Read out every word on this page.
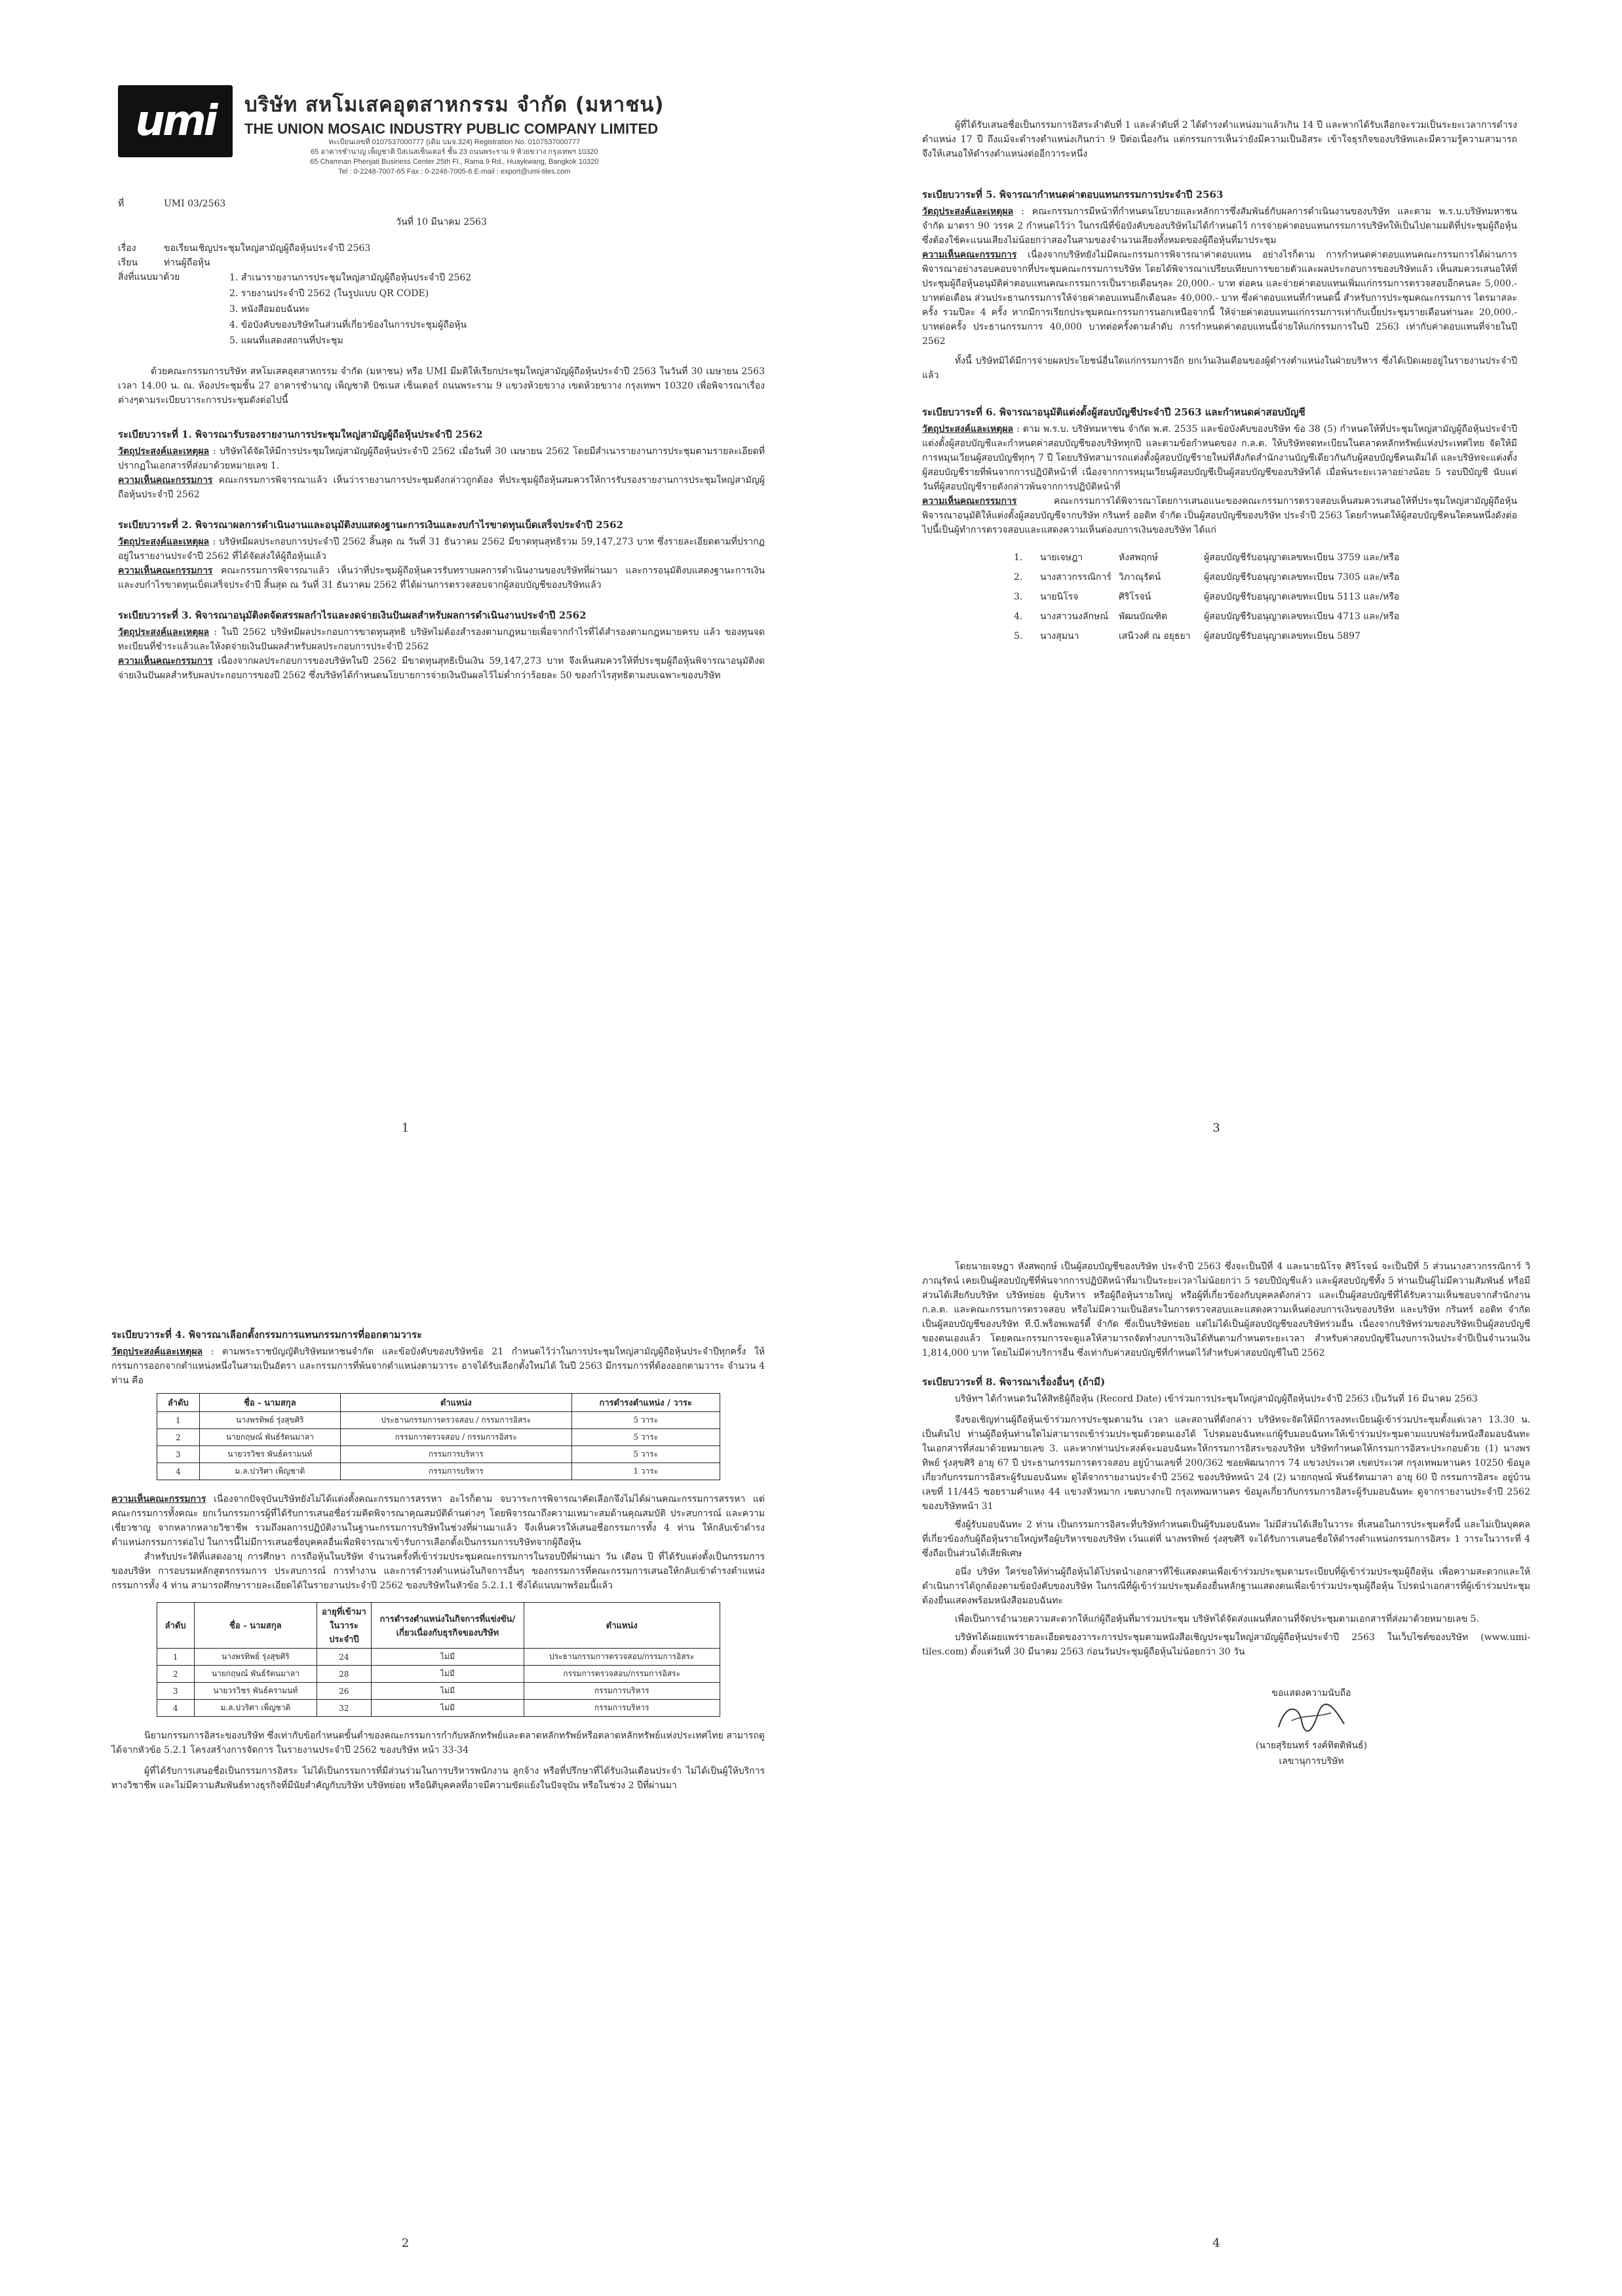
umi	บริษัท สหโมเสคอุตสาหกรรม จำกัด (มหาชน)
THE UNION MOSAIC INDUSTRY PUBLIC COMPANY LIMITED
ทะเบียนเลขที่ 0107537000777 (เดิม บมจ.324) Registration No. 0107537000777
65 อาคารชำนาญ เพ็ญชาติ บิสเนสเซ็นเตอร์ ชั้น 23 ถนนพระราม 9 ห้วยขวาง กรุงเทพฯ 10320
65 Chamnan Phenjati Business Center 25th Fl., Rama 9 Rd., Huaykwang, Bangkok 10320
Tel : 0-2248-7007-65 Fax : 0-2248-7005-6 E-mail : export@umi-tiles.com
ที่	UMI 03/2563
วันที่ 10 มีนาคม 2563
เรื่อง	ขอเรียนเชิญประชุมใหญ่สามัญผู้ถือหุ้นประจำปี 2563
เรียน	ท่านผู้ถือหุ้น
สิ่งที่แนบมาด้วย	1. สำเนารายงานการประชุมใหญ่สามัญผู้ถือหุ้นประจำปี 2562
2. รายงานประจำปี 2562 (ในรูปแบบ QR CODE)
3. หนังสือมอบฉันทะ
4. ข้อบังคับของบริษัทในส่วนที่เกี่ยวข้องในการประชุมผู้ถือหุ้น
5. แผนที่แสดงสถานที่ประชุม

ด้วยคณะกรรมการบริษัท สหโมเสคอุตสาหกรรม จำกัด (มหาชน) หรือ UMI มีมติให้เรียกประชุมใหญ่สามัญผู้ถือหุ้นประจำปี 2563 ในวันที่ 30 เมษายน 2563 เวลา 14.00 น. ณ. ห้องประชุมชั้น 27 อาคารชำนาญ เพ็ญชาติ บิซเนส เซ็นเตอร์ ถนนพระราม 9 แขวงห้วยขวาง เขตห้วยขวาง กรุงเทพฯ 10320 เพื่อพิจารณาเรื่องต่างๆตามระเบียบวาระการประชุมดังต่อไปนี้

ระเบียบวาระที่ 1. พิจารณารับรองรายงานการประชุมใหญ่สามัญผู้ถือหุ้นประจำปี 2562

วัตถุประสงค์และเหตุผล : บริษัทได้จัดให้มีการประชุมใหญ่สามัญผู้ถือหุ้นประจำปี 2562 เมื่อวันที่ 30 เมษายน 2562 โดยมีสำเนารายงานการประชุมตามรายละเอียดที่ปรากฏในเอกสารที่ส่งมาด้วยหมายเลข 1.

ความเห็นคณะกรรมการ คณะกรรมการพิจารณาแล้ว เห็นว่ารายงานการประชุมดังกล่าวถูกต้อง ที่ประชุมผู้ถือหุ้นสมควรให้การรับรองรายงานการประชุมใหญ่สามัญผู้ถือหุ้นประจำปี 2562

ระเบียบวาระที่ 2. พิจารณาผลการดำเนินงานและอนุมัติงบแสดงฐานะการเงินและงบกำไรขาดทุนเบ็ดเสร็จประจำปี 2562

วัตถุประสงค์และเหตุผล : บริษัทมีผลประกอบการประจำปี 2562 สิ้นสุด ณ วันที่ 31 ธันวาคม 2562 มีขาดทุนสุทธิรวม 59,147,273 บาท ซึ่งรายละเอียดตามที่ปรากฏอยู่ในรายงานประจำปี 2562 ที่ได้จัดส่งให้ผู้ถือหุ้นแล้ว

ความเห็นคณะกรรมการ คณะกรรมการพิจารณาแล้ว เห็นว่าที่ประชุมผู้ถือหุ้นควรรับทราบผลการดำเนินงานของบริษัทที่ผ่านมา และการอนุมัติงบแสดงฐานะการเงินและงบกำไรขาดทุนเบ็ดเสร็จประจำปี สิ้นสุด ณ วันที่ 31 ธันวาคม 2562 ที่ได้ผ่านการตรวจสอบจากผู้สอบบัญชีของบริษัทแล้ว

ระเบียบวาระที่ 3. พิจารณาอนุมัติงดจัดสรรผลกำไรและงดจ่ายเงินปันผลสำหรับผลการดำเนินงานประจำปี 2562

วัตถุประสงค์และเหตุผล : ในปี 2562 บริษัทมีผลประกอบการขาดทุนสุทธิ บริษัทไม่ต้องสำรองตามกฎหมายเพื่อจากกำไรที่ได้สำรองตามกฎหมายครบ แล้ว ของทุนจดทะเบียนที่ชำระแล้วและให้งดจ่ายเงินปันผลสำหรับผลประกอบการประจำปี 2562

ความเห็นคณะกรรมการ เนื่องจากผลประกอบการของบริษัทในปี 2562 มีขาดทุนสุทธิเป็นเงิน 59,147,273 บาท จึงเห็นสมควรให้ที่ประชุมผู้ถือหุ้นพิจารณาอนุมัติงดจ่ายเงินปันผลสำหรับผลประกอบการของปี 2562 ซึ่งบริษัทได้กำหนดนโยบายการจ่ายเงินปันผลไว้ไม่ต่ำกว่าร้อยละ 50 ของกำไรสุทธิตามงบเฉพาะของบริษัท

1

ผู้ที่ได้รับเสนอชื่อเป็นกรรมการอิสระลำดับที่ 1 และลำดับที่ 2 ได้ดำรงตำแหน่งมาแล้วเกิน 14 ปี และหากได้รับเลือกจะรวมเป็นระยะเวลาการดำรงตำแหน่ง 17 ปี ถึงแม้จะดำรงตำแหน่งเกินกว่า 9 ปีต่อเนื่องกัน แต่กรรมการเห็นว่ายังมีความเป็นอิสระ เข้าใจธุรกิจของบริษัทและมีความรู้ความสามารถ จึงให้เสนอให้ดำรงตำแหน่งต่ออีกวาระหนึ่ง

ระเบียบวาระที่ 5. พิจารณากำหนดค่าตอบแทนกรรมการประจำปี 2563

วัตถุประสงค์และเหตุผล : คณะกรรมการมีหน้าที่กำหนดนโยบายและหลักการซึ่งสัมพันธ์กับผลการดำเนินงานของบริษัท และตาม พ.ร.บ.บริษัทมหาชนจำกัด มาตรา 90 วรรค 2 กำหนดไว้ว่า ในกรณีที่ข้อบังคับของบริษัทไม่ได้กำหนดไว้ การจ่ายค่าตอบแทนกรรมการบริษัทให้เป็นไปตามมติที่ประชุมผู้ถือหุ้นซึ่งต้องใช้คะแนนเสียงไม่น้อยกว่าสองในสามของจำนวนเสียงทั้งหมดของผู้ถือหุ้นที่มาประชุม

ความเห็นคณะกรรมการ เนื่องจากบริษัทยังไม่มีคณะกรรมการพิจารณาค่าตอบแทน อย่างไรก็ตาม การกำหนดค่าตอบแทนคณะกรรมการได้ผ่านการพิจารณาอย่างรอบคอบจากที่ประชุมคณะกรรมการบริษัท โดยได้พิจารณาเปรียบเทียบการขยายตัวและผลประกอบการของบริษัทแล้ว เห็นสมควรเสนอให้ที่ประชุมผู้ถือหุ้นอนุมัติค่าตอบแทนคณะกรรมการเป็นรายเดือนๆละ 20,000.- บาท ต่อคน และจ่ายค่าตอบแทนเพิ่มแก่กรรมการตรวจสอบอีกคนละ 5,000.- บาทต่อเดือน ส่วนประธานกรรมการให้จ่ายค่าตอบแทนอีกเดือนละ 40,000.- บาท ซึ่งค่าตอบแทนที่กำหนดนี้ สำหรับการประชุมคณะกรรมการ ไตรมาสละครั้ง รวมปีละ 4 ครั้ง หากมีการเรียกประชุมคณะกรรมการนอกเหนือจากนี้ ให้จ่ายค่าตอบแทนแก่กรรมการเท่ากับเบี้ยประชุมรายเดือนท่านละ 20,000.- บาทต่อครั้ง ประธานกรรมการ 40,000 บาทต่อครั้งตามลำดับ การกำหนดค่าตอบแทนนี้จ่ายให้แก่กรรมการในปี 2563 เท่ากับค่าตอบแทนที่จ่ายในปี 2562

ทั้งนี้ บริษัทมิได้มีการจ่ายผลประโยชน์อื่นใดแก่กรรมการอีก ยกเว้นเงินเดือนของผู้ดำรงตำแหน่งในฝ่ายบริหาร ซึ่งได้เปิดเผยอยู่ในรายงานประจำปีแล้ว

ระเบียบวาระที่ 6. พิจารณาอนุมัติแต่งตั้งผู้สอบบัญชีประจำปี 2563 และกำหนดค่าสอบบัญชี

วัตถุประสงค์และเหตุผล : ตาม พ.ร.บ. บริษัทมหาชน จำกัด พ.ศ. 2535 และข้อบังคับของบริษัท ข้อ 38 (5) กำหนดให้ที่ประชุมใหญ่สามัญผู้ถือหุ้นประจำปีแต่งตั้งผู้สอบบัญชีและกำหนดค่าสอบบัญชีของบริษัททุกปี และตามข้อกำหนดของ ก.ล.ต. ให้บริษัทจดทะเบียนในตลาดหลักทรัพย์แห่งประเทศไทย จัดให้มีการหมุนเวียนผู้สอบบัญชีทุกๆ 7 ปี โดยบริษัทสามารถแต่งตั้งผู้สอบบัญชีรายใหม่ที่สังกัดสำนักงานบัญชีเดียวกันกับผู้สอบบัญชีคนเดิมได้ และบริษัทจะแต่งตั้งผู้สอบบัญชีรายที่พ้นจากการปฏิบัติหน้าที่ เนื่องจากการหมุนเวียนผู้สอบบัญชีเป็นผู้สอบบัญชีของบริษัทได้ เมื่อพ้นระยะเวลาอย่างน้อย 5 รอบปีบัญชี นับแต่วันที่ผู้สอบบัญชีรายดังกล่าวพ้นจากการปฏิบัติหน้าที่

ความเห็นคณะกรรมการ	คณะกรรมการได้พิจารณาโดยการเสนอแนะของคณะกรรมการตรวจสอบเห็นสมควรเสนอให้ที่ประชุมใหญ่สามัญผู้ถือหุ้น พิจารณาอนุมัติให้แต่งตั้งผู้สอบบัญชีจากบริษัท กรินทร์ ออดิท จำกัด เป็นผู้สอบบัญชีของบริษัท ประจำปี 2563 โดยกำหนดให้ผู้สอบบัญชีคนใดคนหนึ่งดังต่อไปนี้เป็นผู้ทำการตรวจสอบและแสดงความเห็นต่องบการเงินของบริษัท ได้แก่

1.	นายเจษฎา	หังสพฤกษ์	ผู้สอบบัญชีรับอนุญาตเลขทะเบียน 3759 และ/หรือ
2.	นางสาวกรรณิการ์ วิภาณุรัตน์	ผู้สอบบัญชีรับอนุญาตเลขทะเบียน 7305 และ/หรือ
3.	นายนิโรจ	ศิริโรจน์	ผู้สอบบัญชีรับอนุญาตเลขทะเบียน 5113 และ/หรือ
4.	นางสาวนงลักษณ์	พัฒนบัณฑิต	ผู้สอบบัญชีรับอนุญาตเลขทะเบียน 4713 และ/หรือ
5.	นางสุมนา	เสนีวงศ์ ณ อยุธยา	ผู้สอบบัญชีรับอนุญาตเลขทะเบียน 5897
3
ระเบียบวาระที่ 4. พิจารณาเลือกตั้งกรรมการแทนกรรมการที่ออกตามวาระ

วัตถุประสงค์และเหตุผล : ตามพระราชบัญญัติบริษัทมหาชนจำกัด และข้อบังคับของบริษัทข้อ 21 กำหนดไว้ว่าในการประชุมใหญ่สามัญผู้ถือหุ้นประจำปีทุกครั้ง ให้กรรมการออกจากตำแหน่งหนึ่งในสามเป็นอัตรา และกรรมการที่พ้นจากตำแหน่งตามวาระ อาจได้รับเลือกตั้งใหม่ได้ ในปี 2563 มีกรรมการที่ต้องออกตามวาระ จำนวน 4 ท่าน คือ

ลำดับ	ชื่อ - นามสกุล	ตำแหน่ง	การดำรงตำแหน่ง / วาระ
1	นางพรทิพย์ รุ่งสุขศิริ	ประธานกรรมการตรวจสอบ / กรรมการอิสระ	5 วาระ
2	นายกฤษณ์ พันธ์รัตนมาลา	กรรมการตรวจสอบ / กรรมการอิสระ	5 วาระ
3	นายวรวิชร พันธ์ครามนท์	กรรมการบริหาร	5 วาระ
4	ม.ล.ปวริศา เพ็ญชาติ	กรรมการบริหาร	1 วาระ

ความเห็นคณะกรรมการ เนื่องจากปัจจุบันบริษัทยังไม่ได้แต่งตั้งคณะกรรมการสรรหา อะไรก็ตาม จบวาระการพิจารณาคัดเลือกจึงไม่ได้ผ่านคณะกรรมการสรรหา แต่คณะกรรมการทั้งคณะ ยกเว้นกรรมการผู้ที่ได้รับการเสนอชื่อร่วมคิดพิจารณาคุณสมบัติด้านต่างๆ โดยพิจารณาถึงความเหมาะสมด้านคุณสมบัติ ประสบการณ์ และความเชี่ยวชาญ จากหลากหลายวิชาชีพ รวมถึงผลการปฏิบัติงานในฐานะกรรมการบริษัทในช่วงที่ผ่านมาแล้ว จึงเห็นควรให้เสนอชื่อกรรมการทั้ง 4 ท่าน ให้กลับเข้าดำรงตำแหน่งกรรมการต่อไป ในการนี้ไม่มีการเสนอชื่อบุคคลอื่นเพื่อพิจารณาเข้ารับการเลือกตั้งเป็นกรรมการบริษัทจากผู้ถือหุ้น

สำหรับประวัติที่แสดงอายุ การศึกษา การถือหุ้นในบริษัท จำนวนครั้งที่เข้าร่วมประชุมคณะกรรมการในรอบปีที่ผ่านมา วัน เดือน ปี ที่ได้รับแต่งตั้งเป็นกรรมการของบริษัท การอบรมหลักสูตรกรรมการ ประสบการณ์ การทำงาน และการดำรงตำแหน่งในกิจการอื่นๆ ของกรรมการที่คณะกรรมการเสนอให้กลับเข้าดำรงตำแหน่งกรรมการทั้ง 4 ท่าน สามารถศึกษารายละเอียดได้ในรายงานประจำปี 2562 ของบริษัทในหัวข้อ 5.2.1.1 ซึ่งได้แนบมาพร้อมนี้แล้ว

ลำดับ	ชื่อ - นามสกุล	อายุที่เข้ามาในวาระ ประจำปี	การดำรงตำแหน่งในกิจการที่แข่งขัน/เกี่ยวเนื่องกับธุรกิจของบริษัท	ตำแหน่ง
1	นางพรทิพย์ รุ่งสุขศิริ	24	ไม่มี	ประธานกรรมการตรวจสอบ/กรรมการอิสระ
2	นายกฤษณ์ พันธ์รัตนมาลา	28	ไม่มี	กรรมการตรวจสอบ/กรรมการอิสระ
3	นายวรวิชร พันธ์ครามนท์	26	ไม่มี	กรรมการบริหาร
4	ม.ล.ปวริศา เพ็ญชาติ	32	ไม่มี	กรรมการบริหาร

นิยามกรรมการอิสระของบริษัท ซึ่งเท่ากับข้อกำหนดขั้นต่ำของคณะกรรมการกำกับหลักทรัพย์และตลาดหลักทรัพย์หรือตลาดหลักทรัพย์แห่งประเทศไทย สามารถดูได้จากหัวข้อ 5.2.1 โครงสร้างการจัดการ ในรายงานประจำปี 2562 ของบริษัท หน้า 33-34

ผู้ที่ได้รับการเสนอชื่อเป็นกรรมการอิสระ ไม่ได้เป็นกรรมการที่มีส่วนร่วมในการบริหารพนักงาน ลูกจ้าง หรือที่ปรึกษาที่ได้รับเงินเดือนประจำ ไม่ได้เป็นผู้ให้บริการทางวิชาชีพ และไม่มีความสัมพันธ์ทางธุรกิจที่มีนัยสำคัญกับบริษัท บริษัทย่อย หรือนิติบุคคลที่อาจมีความขัดแย้งในปัจจุบัน หรือในช่วง 2 ปีที่ผ่านมา

2

โดยนายเจษฎา หังสพฤกษ์ เป็นผู้สอบบัญชีของบริษัท ประจำปี 2563 ซึ่งจะเป็นปีที่ 4 และนายนิโรจ ศิริโรจน์ จะเป็นปีที่ 5 ส่วนนางสาวกรรณิการ์ วิภาณุรัตน์ เคยเป็นผู้สอบบัญชีที่พ้นจากการปฏิบัติหน้าที่มาเป็นระยะเวลาไม่น้อยกว่า 5 รอบปีบัญชีแล้ว และผู้สอบบัญชีทั้ง 5 ท่านเป็นผู้ไม่มีความสัมพันธ์ หรือมีส่วนได้เสียกับบริษัท บริษัทย่อย ผู้บริหาร หรือผู้ถือหุ้นรายใหญ่ หรือผู้ที่เกี่ยวข้องกับบุคคลดังกล่าว และเป็นผู้สอบบัญชีที่ได้รับความเห็นชอบจากสำนักงาน ก.ล.ต. และคณะกรรมการตรวจสอบ หรือไม่มีความเป็นอิสระในการตรวจสอบและแสดงความเห็นต่องบการเงินของบริษัท และบริษัท กรินทร์ ออดิท จำกัด เป็นผู้สอบบัญชีของบริษัท ที.บี.พร็อพเพอร์ตี้ จำกัด ซึ่งเป็นบริษัทย่อย แต่ไม่ได้เป็นผู้สอบบัญชีของบริษัทร่วมอื่น เนื่องจากบริษัทร่วมของบริษัทเป็นผู้สอบบัญชีของตนเองแล้ว โดยคณะกรรมการจะดูแลให้สามารถจัดทำงบการเงินได้ทันตามกำหนดระยะเวลา สำหรับค่าสอบบัญชีในงบการเงินประจำปีเป็นจำนวนเงิน 1,814,000 บาท โดยไม่มีค่าบริการอื่น ซึ่งเท่ากับค่าสอบบัญชีที่กำหนดไว้สำหรับค่าสอบบัญชีในปี 2562

ระเบียบวาระที่ 8. พิจารณาเรื่องอื่นๆ (ถ้ามี)

บริษัทฯ ได้กำหนดวันให้สิทธิผู้ถือหุ้น (Record Date) เข้าร่วมการประชุมใหญ่สามัญผู้ถือหุ้นประจำปี 2563 เป็นวันที่ 16 มีนาคม 2563

จึงขอเชิญท่านผู้ถือหุ้นเข้าร่วมการประชุมตามวัน เวลา และสถานที่ดังกล่าว บริษัทจะจัดให้มีการลงทะเบียนผู้เข้าร่วมประชุมตั้งแต่เวลา 13.30 น. เป็นต้นไป ท่านผู้ถือหุ้นท่านใดไม่สามารถเข้าร่วมประชุมด้วยตนเองได้ โปรดมอบฉันทะแก่ผู้รับมอบฉันทะให้เข้าร่วมประชุมตามแบบฟอร์มหนังสือมอบฉันทะ ในเอกสารที่ส่งมาด้วยหมายเลข 3. และหากท่านประสงค์จะมอบฉันทะให้กรรมการอิสระของบริษัท บริษัทกำหนดให้กรรมการอิสระประกอบด้วย (1) นางพรทิพย์ รุ่งสุขศิริ อายุ 67 ปี ประธานกรรมการตรวจสอบ อยู่บ้านเลขที่ 200/362 ซอยพัฒนาการ 74 แขวงประเวศ เขตประเวศ กรุงเทพมหานคร 10250 ข้อมูลเกี่ยวกับกรรมการอิสระผู้รับมอบฉันทะ ดูได้จากรายงานประจำปี 2562 ของบริษัทหน้า 24 (2) นายกฤษณ์ พันธ์รัตนมาลา อายุ 60 ปี กรรมการอิสระ อยู่บ้านเลขที่ 11/445 ซอยรามคำแหง 44 แขวงหัวหมาก เขตบางกะปิ กรุงเทพมหานคร ข้อมูลเกี่ยวกับกรรมการอิสระผู้รับมอบฉันทะ ดูจากรายงานประจำปี 2562 ของบริษัทหน้า 31

ซึ่งผู้รับมอบฉันทะ 2 ท่าน เป็นกรรมการอิสระที่บริษัทกำหนดเป็นผู้รับมอบฉันทะ ไม่มีส่วนได้เสียในวาระ ที่เสนอในการประชุมครั้งนี้ และไม่เป็นบุคคลที่เกี่ยวข้องกับผู้ถือหุ้นรายใหญ่หรือผู้บริหารของบริษัท เว้นแต่ที่ นางพรทิพย์ รุ่งสุขศิริ จะได้รับการเสนอชื่อให้ดำรงตำแหน่งกรรมการอิสระ 1 วาระในวาระที่ 4 ซึ่งถือเป็นส่วนได้เสียพิเศษ

อนึ่ง บริษัท ใคร่ขอให้ท่านผู้ถือหุ้นได้โปรดนำเอกสารที่ใช้แสดงตนเพื่อเข้าร่วมประชุมตามระเบียบที่ผู้เข้าร่วมประชุมผู้ถือหุ้น เพื่อความสะดวกและให้ดำเนินการได้ถูกต้องตามข้อบังคับของบริษัท ในกรณีที่ผู้เข้าร่วมประชุมต้องยื่นหลักฐานแสดงตนเพื่อเข้าร่วมประชุมผู้ถือหุ้น โปรดนำเอกสารที่ผู้เข้าร่วมประชุมต้องยื่นแสดงพร้อมหนังสือมอบฉันทะ

เพื่อเป็นการอำนวยความสะดวกให้แก่ผู้ถือหุ้นที่มาร่วมประชุม บริษัทได้จัดส่งแผนที่สถานที่จัดประชุมตามเอกสารที่ส่งมาด้วยหมายเลข 5.

บริษัทได้เผยแพร่รายละเอียดของวาระการประชุมตามหนังสือเชิญประชุมใหญ่สามัญผู้ถือหุ้นประจำปี 2563 ในเว็บไซต์ของบริษัท (www.umi-tiles.com) ตั้งแต่วันที่ 30 มีนาคม 2563 ก่อนวันประชุมผู้ถือหุ้นไม่น้อยกว่า 30 วัน

ขอแสดงความนับถือ
(นายสุริยนทร์ รงค์ทิตติพันธ์)
เลขานุการบริษัท
4
